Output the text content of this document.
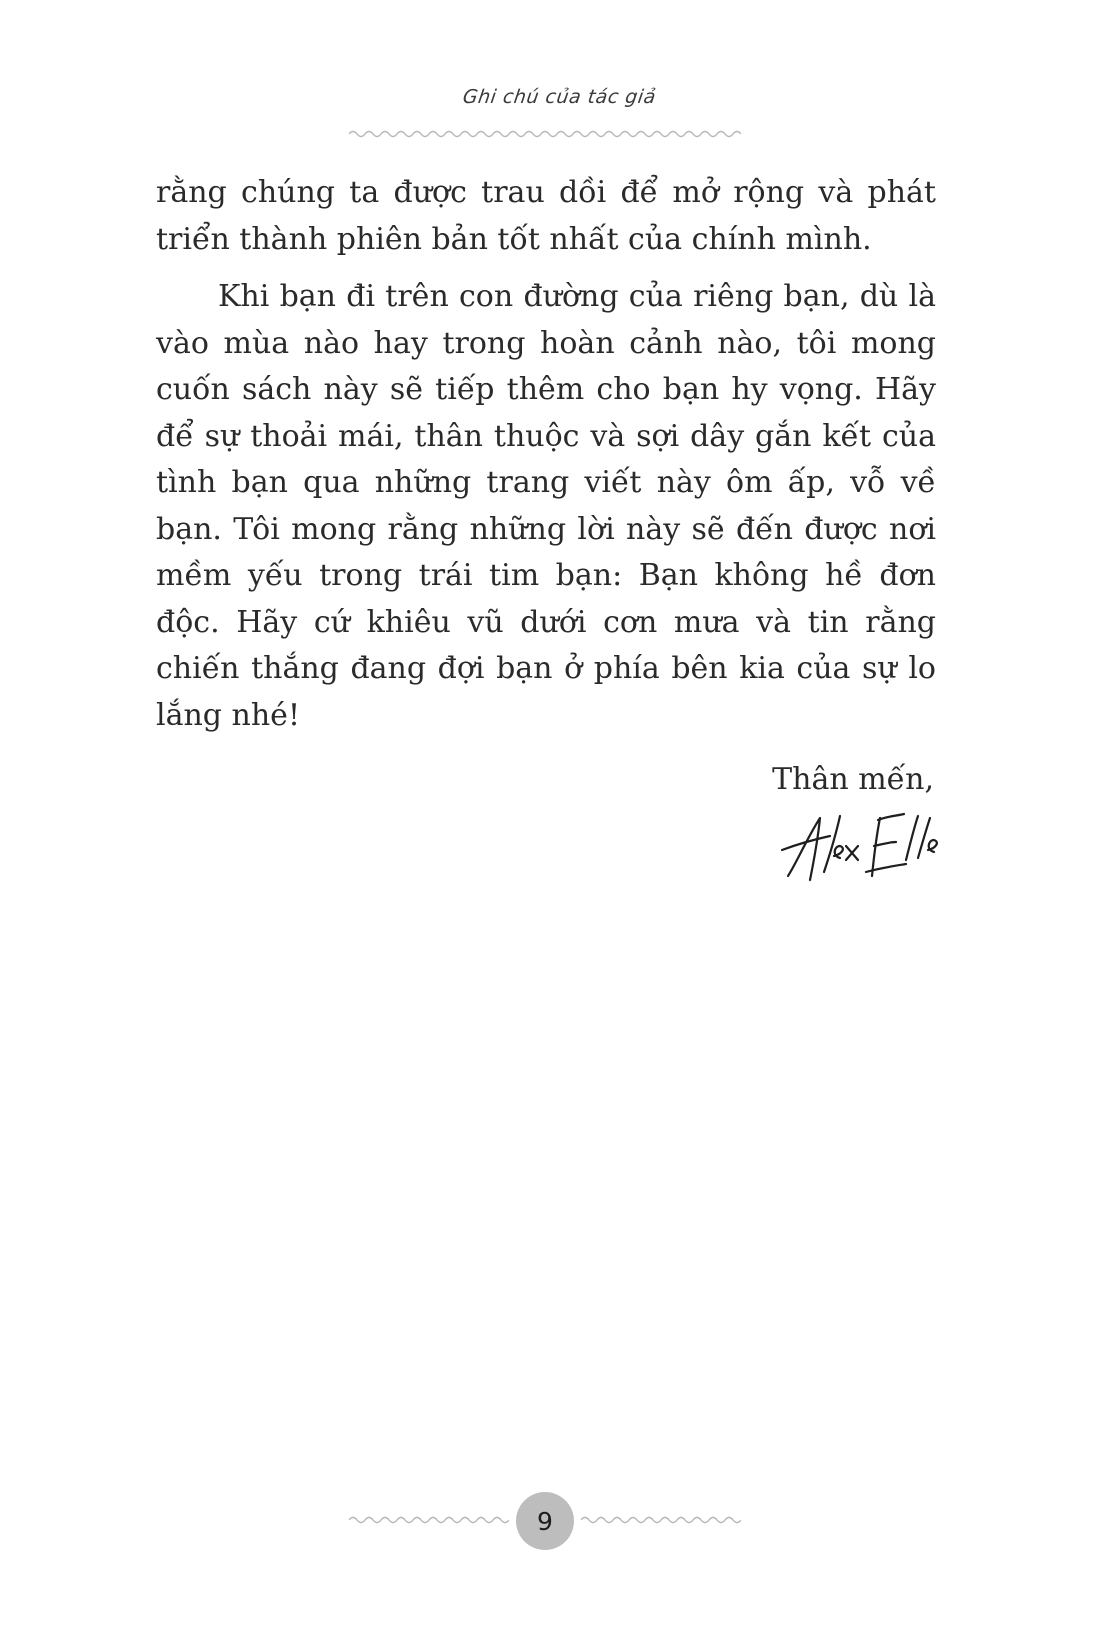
Ghi chú của tác giả

rằng chúng ta được trau dồi để mở rộng và phát triển thành phiên bản tốt nhất của chính mình.

Khi bạn đi trên con đường của riêng bạn, dù là vào mùa nào hay trong hoàn cảnh nào, tôi mong cuốn sách này sẽ tiếp thêm cho bạn hy vọng. Hãy để sự thoải mái, thân thuộc và sợi dây gắn kết của tình bạn qua những trang viết này ôm ấp, vỗ về bạn. Tôi mong rằng những lời này sẽ đến được nơi mềm yếu trong trái tim bạn: Bạn không hề đơn độc. Hãy cứ khiêu vũ dưới cơn mưa và tin rằng chiến thắng đang đợi bạn ở phía bên kia của sự lo lắng nhé!

Thân mến,
9
